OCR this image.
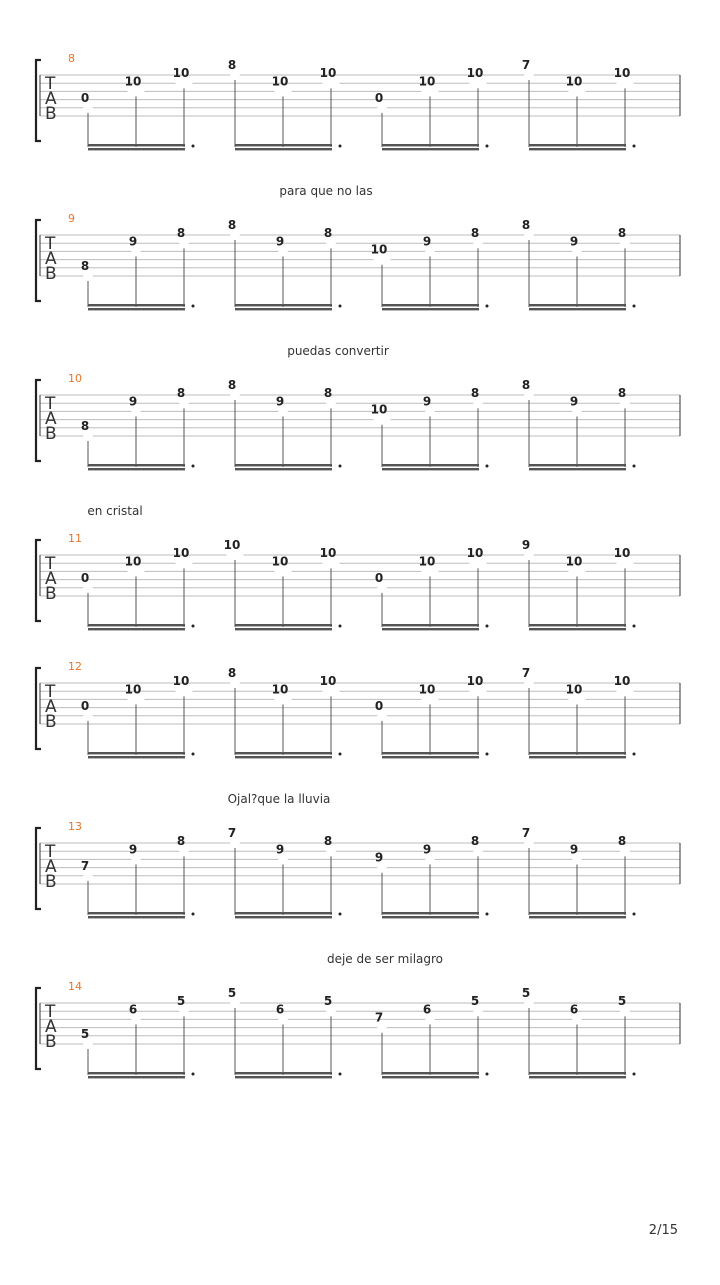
T
A
B
8
0
10
10
8
10
10
0
10
10
7
10
10
T
A
B
9
para que no las
8
9
8
8
9
8
10
9
8
8
9
8
T
A
B
10
puedas convertir
8
9
8
8
9
8
10
9
8
8
9
8
T
A
B
11
en cristal
0
10
10
10
10
10
0
10
10
9
10
10
T
A
B
12
0
10
10
8
10
10
0
10
10
7
10
10
T
A
B
13
Ojal?que la lluvia
7
9
8
7
9
8
9
9
8
7
9
8
T
A
B
14
deje de ser milagro
5
6
5
5
6
5
7
6
5
5
6
5
2/15
